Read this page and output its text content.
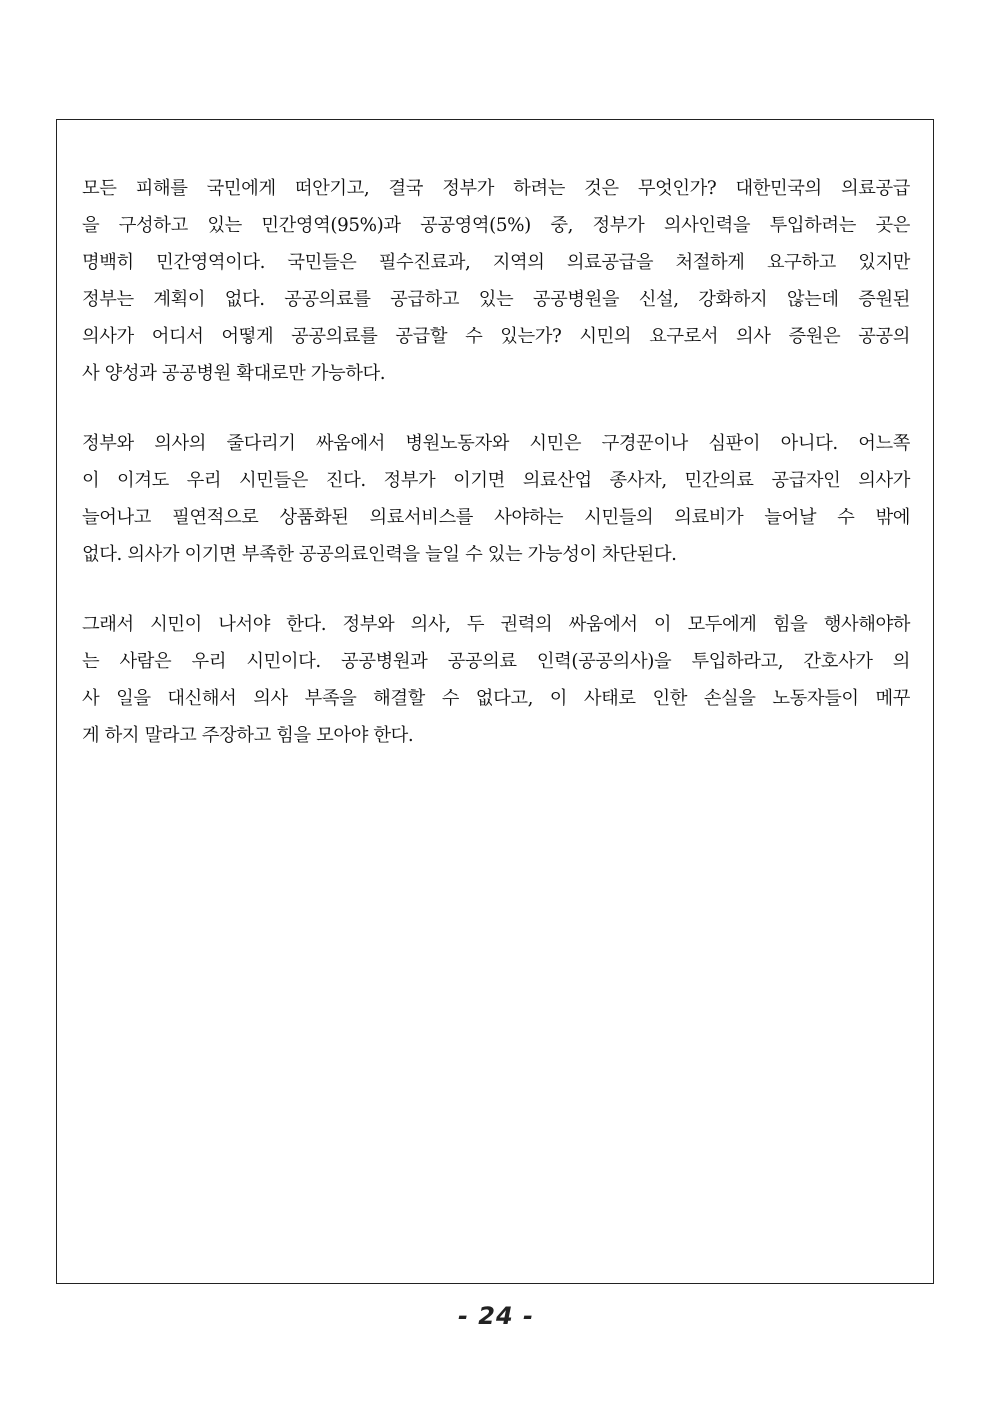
모든 피해를 국민에게 떠안기고, 결국 정부가 하려는 것은 무엇인가? 대한민국의 의료공급
을 구성하고 있는 민간영역(95%)과 공공영역(5%) 중, 정부가 의사인력을 투입하려는 곳은
명백히 민간영역이다. 국민들은 필수진료과, 지역의 의료공급을 처절하게 요구하고 있지만
정부는 계획이 없다. 공공의료를 공급하고 있는 공공병원을 신설, 강화하지 않는데 증원된
의사가 어디서 어떻게 공공의료를 공급할 수 있는가? 시민의 요구로서 의사 증원은 공공의
사 양성과 공공병원 확대로만 가능하다.

정부와 의사의 줄다리기 싸움에서 병원노동자와 시민은 구경꾼이나 심판이 아니다. 어느쪽
이 이겨도 우리 시민들은 진다. 정부가 이기면 의료산업 종사자, 민간의료 공급자인 의사가
늘어나고 필연적으로 상품화된 의료서비스를 사야하는 시민들의 의료비가 늘어날 수 밖에
없다. 의사가 이기면 부족한 공공의료인력을 늘일 수 있는 가능성이 차단된다.

그래서 시민이 나서야 한다. 정부와 의사, 두 권력의 싸움에서 이 모두에게 힘을 행사해야하
는 사람은 우리 시민이다. 공공병원과 공공의료 인력(공공의사)을 투입하라고, 간호사가 의
사 일을 대신해서 의사 부족을 해결할 수 없다고, 이 사태로 인한 손실을 노동자들이 메꾸
게 하지 말라고 주장하고 힘을 모아야 한다.

- 24 -
